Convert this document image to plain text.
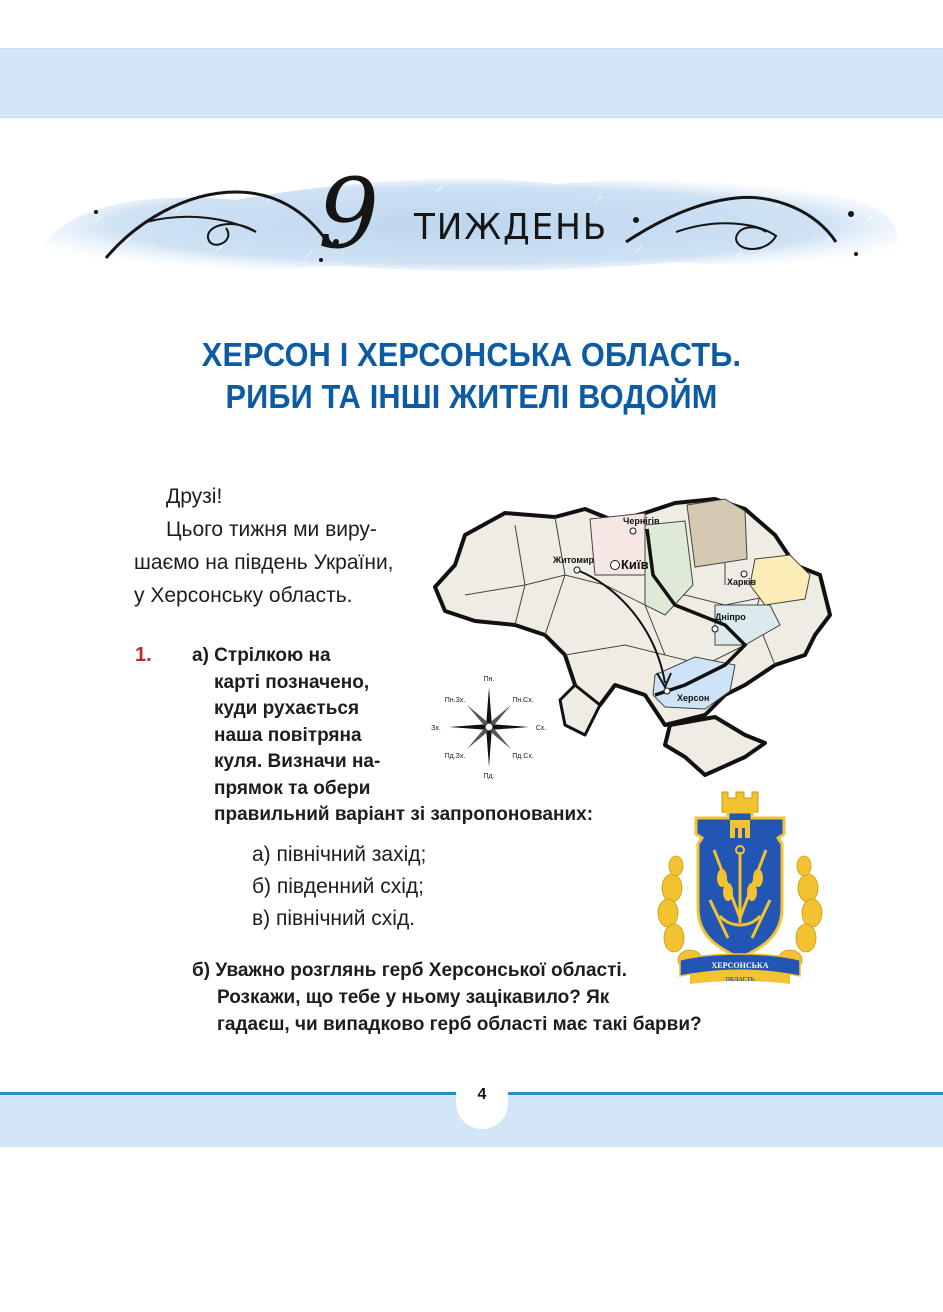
9 ТИЖДЕНЬ
ХЕРСОН І ХЕРСОНСЬКА ОБЛАСТЬ.
РИБИ ТА ІНШІ ЖИТЕЛІ ВОДОЙМ
Друзі!
Цього тижня ми виру-
шаємо на південь України,
у Херсонську область.
Чернігів
Житомир Київ
Харків
Дніпро
Херсон
Пн.
Пн.Сх.
Сх.
Пд.Сх.
Пд.
Пд.Зх.
Зх.
Пн.Зх.
1. а) Стрілкою на
карті позначено,
куди рухається
наша повітряна
куля. Визначи на-
прямок та обери
правильний варіант зі запропонованих:
а) північний захід;
б) південний схід;
в) північний схід.
ХЕРСОНСЬКА
ОБЛАСТЬ
б) Уважно розглянь герб Херсонської області.
Розкажи, що тебе у ньому зацікавило? Як
гадаєш, чи випадково герб області має такі барви?
4
